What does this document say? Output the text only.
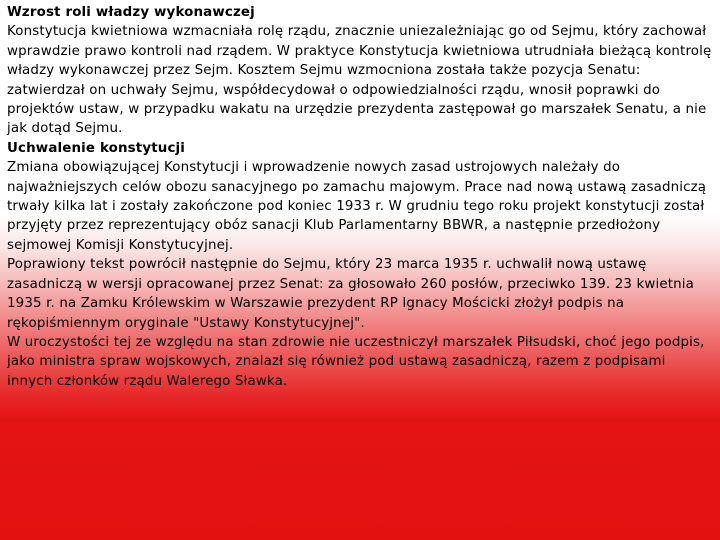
Wzrost roli władzy wykonawczej

Konstytucja kwietniowa wzmacniała rolę rządu, znacznie uniezależniając go od Sejmu, który zachował wprawdzie prawo kontroli nad rządem. W praktyce Konstytucja kwietniowa utrudniała bieżącą kontrolę władzy wykonawczej przez Sejm. Kosztem Sejmu wzmocniona została także pozycja Senatu: zatwierdzał on uchwały Sejmu, współdecydował o odpowiedzialności rządu, wnosił poprawki do projektów ustaw, w przypadku wakatu na urzędzie prezydenta zastępował go marszałek Senatu, a nie jak dotąd Sejmu.

Uchwalenie konstytucji

Zmiana obowiązującej Konstytucji i wprowadzenie nowych zasad ustrojowych należały do najważniejszych celów obozu sanacyjnego po zamachu majowym. Prace nad nową ustawą zasadniczą trwały kilka lat i zostały zakończone pod koniec 1933 r. W grudniu tego roku projekt konstytucji został przyjęty przez reprezentujący obóz sanacji Klub Parlamentarny BBWR, a następnie przedłożony sejmowej Komisji Konstytucyjnej.

Poprawiony tekst powrócił następnie do Sejmu, który 23 marca 1935 r. uchwalił nową ustawę zasadniczą w wersji opracowanej przez Senat: za głosowało 260 posłów, przeciwko 139. 23 kwietnia 1935 r. na Zamku Królewskim w Warszawie prezydent RP Ignacy Mościcki złożył podpis na rękopiśmiennym oryginale "Ustawy Konstytucyjnej".

W uroczystości tej ze względu na stan zdrowie nie uczestniczył marszałek Piłsudski, choć jego podpis, jako ministra spraw wojskowych, znalazł się również pod ustawą zasadniczą, razem z podpisami innych członków rządu Walerego Sławka.
